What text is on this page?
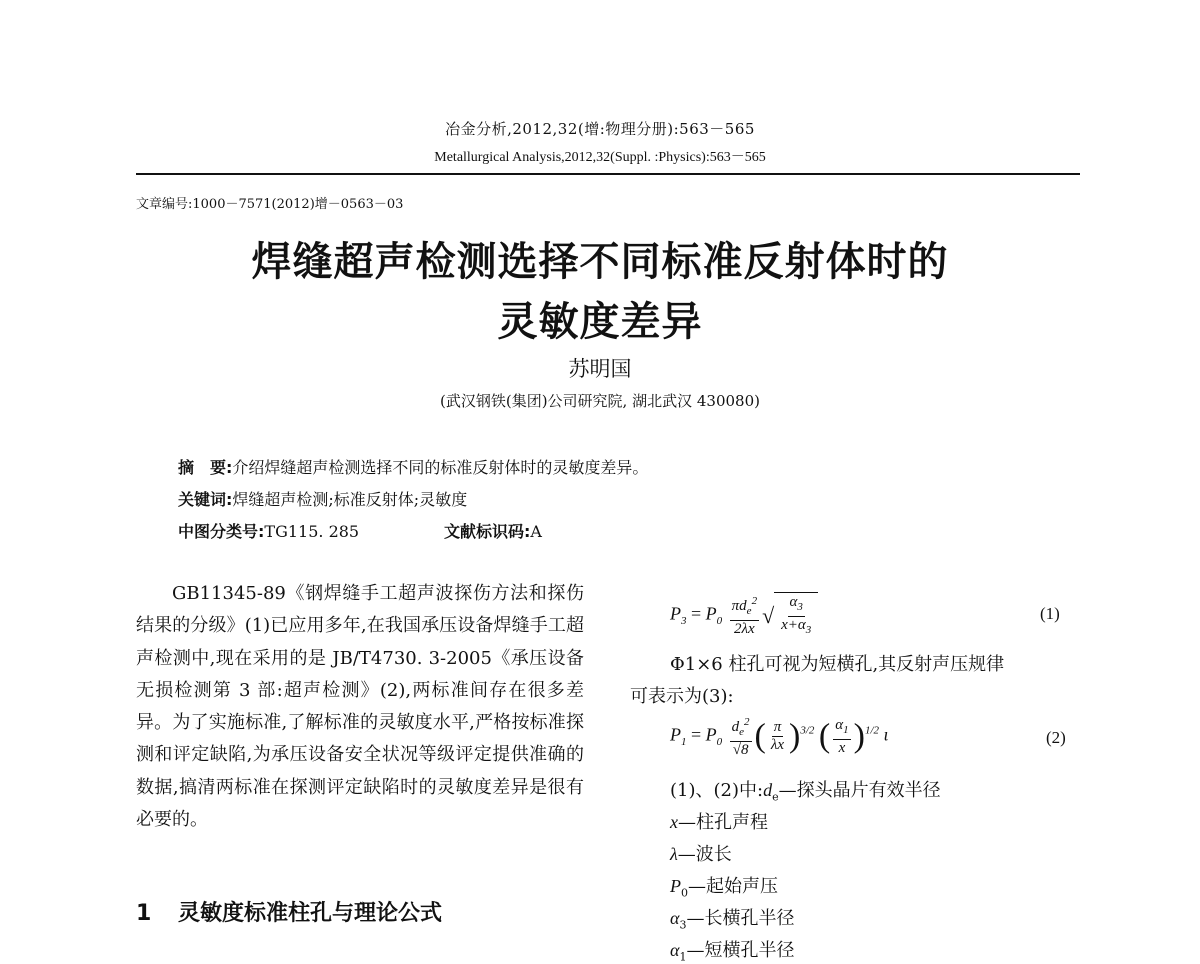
冶金分析,2012,32(增:物理分册):563－565
Metallurgical Analysis,2012,32(Suppl. :Physics):563－565
文章编号:1000－7571(2012)增－0563－03
焊缝超声检测选择不同标准反射体时的
灵敏度差异
苏明国
(武汉钢铁(集团)公司研究院, 湖北武汉 430080)
摘　要:介绍焊缝超声检测选择不同的标准反射体时的灵敏度差异。
关键词:焊缝超声检测;标准反射体;灵敏度
中图分类号:TG115. 285	文献标识码:A

GB11345-89《钢焊缝手工超声波探伤方法和探伤结果的分级》(1)已应用多年,在我国承压设备焊缝手工超声检测中,现在采用的是 JB/T4730. 3-2005《承压设备无损检测第 3 部:超声检测》(2),两标准间存在很多差异。为了实施标准,了解标准的灵敏度水平,严格按标准探测和评定缺陷,为承压设备安全状况等级评定提供准确的数据,搞清两标准在探测评定缺陷时的灵敏度差异是很有必要的。

1 灵敏度标准柱孔与理论公式
$P_3 = P_0 \frac{\pi d_e^2}{2\lambda x}$ √ $\frac{\alpha_3}{x+\alpha_3}$	(1)
Φ1×6 柱孔可视为短横孔,其反射声压规律
可表示为(3):
$P_1 = P_0 \frac{d_e^2}{√8}$ ( $\frac{\pi}{\lambda x} )^{3/2}$ ( $\frac{\alpha_1}{x} )^{1/2}$ ι	(2)
(1)、(2)中$:d_e—$探头晶片有效半径
x—柱孔声程
λ—波长
$P_0—$起始声压
$\alpha_3—$长横孔半径
$\alpha_1—$短横孔半径
